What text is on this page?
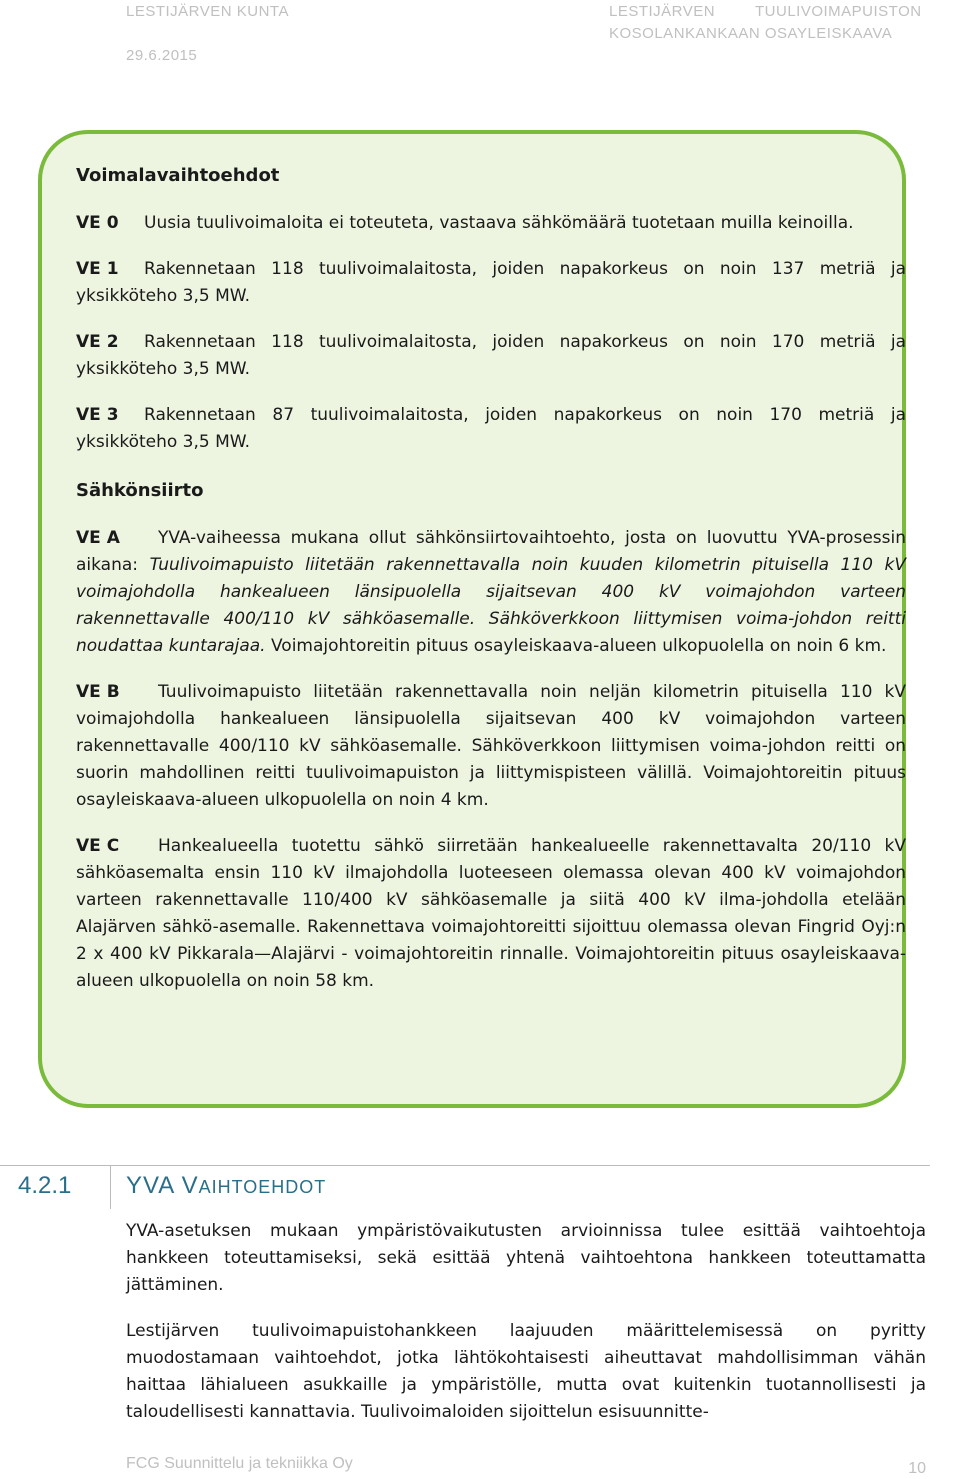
LESTIJÄRVEN KUNTA
29.6.2015
LESTIJÄRVEN	TUULIVOIMAPUISTON
KOSOLANKANKAAN OSAYLEISKAAVA

Voimalavaihtoehdot

VE 0 Uusia tuulivoimaloita ei toteuteta, vastaava sähkömäärä tuotetaan muilla keinoilla.

VE 1 Rakennetaan 118 tuulivoimalaitosta, joiden napakorkeus on noin 137 metriä ja yksikköteho 3,5 MW.

VE 2 Rakennetaan 118 tuulivoimalaitosta, joiden napakorkeus on noin 170 metriä ja yksikköteho 3,5 MW.

VE 3 Rakennetaan 87 tuulivoimalaitosta, joiden napakorkeus on noin 170 metriä ja yksikköteho 3,5 MW.

Sähkönsiirto

VE A YVA-vaiheessa mukana ollut sähkönsiirtovaihtoehto, josta on luovuttu YVA-prosessin aikana: Tuulivoimapuisto liitetään rakennettavalla noin kuuden kilometrin pituisella 110 kV voimajohdolla hankealueen länsipuolella sijaitsevan 400 kV voimajohdon varteen rakennettavalle 400/110 kV sähköasemalle. Sähköverkkoon liittymisen voima-johdon reitti noudattaa kuntarajaa. Voimajohtoreitin pituus osayleiskaava-alueen ulkopuolella on noin 6 km.

VE B Tuulivoimapuisto liitetään rakennettavalla noin neljän kilometrin pituisella 110 kV voimajohdolla hankealueen länsipuolella sijaitsevan 400 kV voimajohdon varteen rakennettavalle 400/110 kV sähköasemalle. Sähköverkkoon liittymisen voima-johdon reitti on suorin mahdollinen reitti tuulivoimapuiston ja liittymispisteen välillä. Voimajohtoreitin pituus osayleiskaava-alueen ulkopuolella on noin 4 km.

VE C Hankealueella tuotettu sähkö siirretään hankealueelle rakennettavalta 20/110 kV sähköasemalta ensin 110 kV ilmajohdolla luoteeseen olemassa olevan 400 kV voimajohdon varteen rakennettavalle 110/400 kV sähköasemalle ja siitä 400 kV ilma-johdolla etelään Alajärven sähkö-asemalle. Rakennettava voimajohtoreitti sijoittuu olemassa olevan Fingrid Oyj:n 2 x 400 kV Pikkarala—Alajärvi - voimajohtoreitin rinnalle. Voimajohtoreitin pituus osayleiskaava-alueen ulkopuolella on noin 58 km.

4.2.1	YVA VAIHTOEHDOT

YVA-asetuksen mukaan ympäristövaikutusten arvioinnissa tulee esittää vaihtoehtoja hankkeen toteuttamiseksi, sekä esittää yhtenä vaihtoehtona hankkeen toteuttamatta jättäminen.

Lestijärven tuulivoimapuistohankkeen laajuuden määrittelemisessä on pyritty muodostamaan vaihtoehdot, jotka lähtökohtaisesti aiheuttavat mahdollisimman vähän haittaa lähialueen asukkaille ja ympäristölle, mutta ovat kuitenkin tuotannollisesti ja taloudellisesti kannattavia. Tuulivoimaloiden sijoittelun esisuunnitte-

FCG Suunnittelu ja tekniikka Oy	10
